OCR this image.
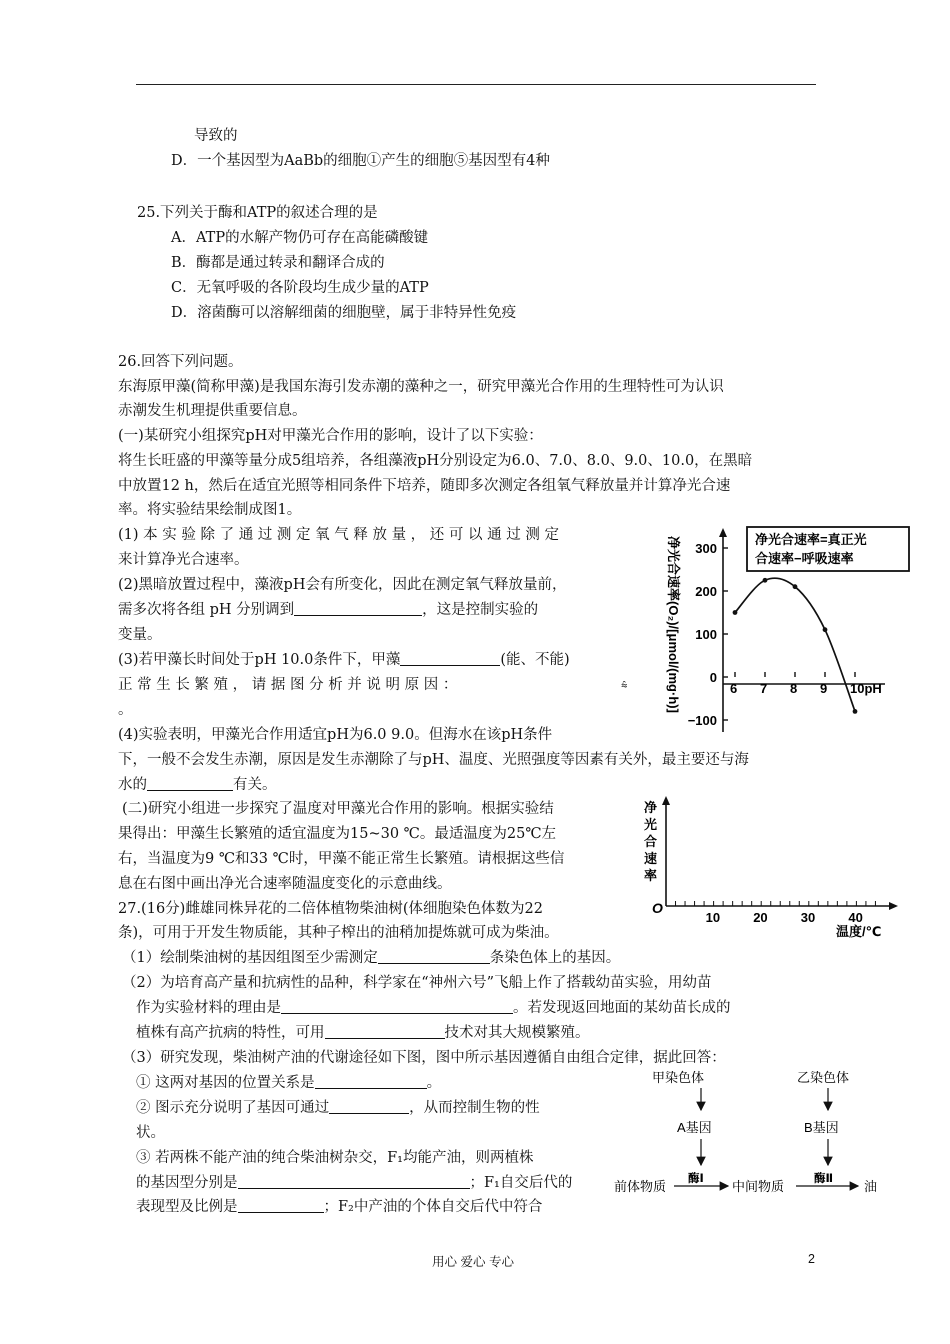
导致的
D．一个基因型为AaBb的细胞①产生的细胞⑤基因型有4种
25.下列关于酶和ATP的叙述合理的是
A．ATP的水解产物仍可存在高能磷酸键
B．酶都是通过转录和翻译合成的
C．无氧呼吸的各阶段均生成少量的ATP
D．溶菌酶可以溶解细菌的细胞壁，属于非特异性免疫
26.回答下列问题。
东海原甲藻(简称甲藻)是我国东海引发赤潮的藻种之一，研究甲藻光合作用的生理特性可为认识
赤潮发生机理提供重要信息。
(一)某研究小组探究pH对甲藻光合作用的影响，设计了以下实验：
将生长旺盛的甲藻等量分成5组培养，各组藻液pH分别设定为6.0、7.0、8.0、9.0、10.0，在黑暗
中放置12 h，然后在适宜光照等相同条件下培养，随即多次测定各组氧气释放量并计算净光合速
率。将实验结果绘制成图1。
(1) 本 实 验 除 了 通 过 测 定 氧 气 释 放 量 ， 还 可 以 通 过 测 定
来计算净光合速率。
(2)黑暗放置过程中，藻液pH会有所变化，因此在测定氧气释放量前，
需多次将各组 pH 分别调到	，这是控制实验的
变量。
(3)若甲藻长时间处于pH 10.0条件下，甲藻	(能、不能)
正 常 生 长 繁 殖 ， 请 据 图 分 析 并 说 明 原 因 ：	⩯
。
(4)实验表明，甲藻光合作用适宜pH为6.0 9.0。但海水在该pH条件
下，一般不会发生赤潮，原因是发生赤潮除了与pH、温度、光照强度等因素有关外，最主要还与海
水的	有关。
(二)研究小组进一步探究了温度对甲藻光合作用的影响。根据实验结
果得出：甲藻生长繁殖的适宜温度为15~30 ℃。最适温度为25℃左
右，当温度为9 ℃和33 ℃时，甲藻不能正常生长繁殖。请根据这些信
息在右图中画出净光合速率随温度变化的示意曲线。
27.(16分)雌雄同株异花的二倍体植物柴油树(体细胞染色体数为22
条)，可用于开发生物质能，其种子榨出的油稍加提炼就可成为柴油。
（1）绘制柴油树的基因组图至少需测定	条染色体上的基因。
（2）为培育高产量和抗病性的品种，科学家在“神州六号”飞船上作了搭载幼苗实验，用幼苗
作为实验材料的理由是	。若发现返回地面的某幼苗长成的
植株有高产抗病的特性，可用	技术对其大规模繁殖。
（3）研究发现，柴油树产油的代谢途径如下图，图中所示基因遵循自由组合定律，据此回答：
① 这两对基因的位置关系是	。
② 图示充分说明了基因可通过	，从而控制生物的性
状。
③ 若两株不能产油的纯合柴油树杂交，F₁均能产油，则两植株
的基因型分别是	；F₁自交后代的
表现型及比例是	；F₂中产油的个体自交后代中符合
净光合速率(O₂)/[μmol/(mg·h)] 300
200
100
0
−100
6 7 8 9 10pH
净光合速率=真正光
合速率−呼吸速率
净
光
合
速
率
O
10	20	30	40
温度/℃
甲染色体	乙染色体
A基因	B基因
前体物质 酶Ⅰ 中间物质	酶Ⅱ 油
用心 爱心 专心	2
